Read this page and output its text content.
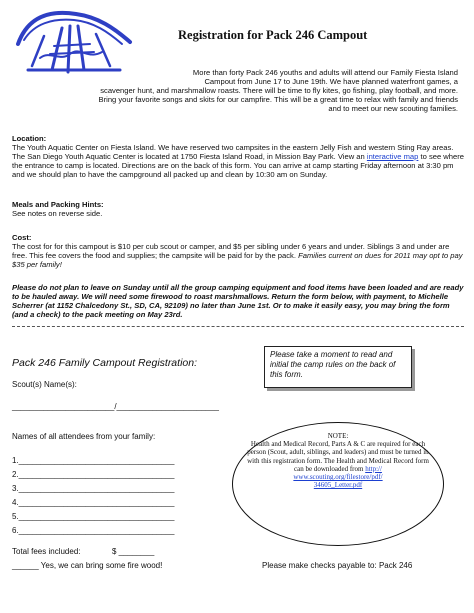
Registration for Pack 246 Campout
More than forty Pack 246 youths and adults will attend our Family Fiesta Island
Campout from June 17 to June 19th. We have planned waterfront games, a
scavenger hunt, and marshmallow roasts. There will be time to fly kites, go fishing, play football, and more.
Bring your favorite songs and skits for our campfire. This will be a great time to relax with family and friends
and to meet our new scouting families.
Location:
The Youth Aquatic Center on Fiesta Island. We have reserved two campsites in the eastern Jelly Fish and western Sting Ray areas. The San Diego Youth Aquatic Center is located at 1750 Fiesta Island Road, in Mission Bay Park. View an interactive map to see where the entrance to camp is located. Directions are on the back of this form. You can arrive at camp starting Friday afternoon at 3:30 pm and we should plan to have the campground all packed up and clean by 10:30 am on Sunday.
Meals and Packing Hints:
See notes on reverse side.
Cost:
The cost for for this campout is $10 per cub scout or camper, and $5 per sibling under 6 years and under. Siblings 3 and under are free. This fee covers the food and supplies; the campsite will be paid for by the pack. Families current on dues for 2011 may opt to pay $35 per family!
Please do not plan to leave on Sunday until all the group camping equipment and food items have been loaded and are ready to be hauled away. We will need some firewood to roast marshmallows. Return the form below, with payment, to Michelle Scherrer (at 1152 Chalcedony St., SD, CA, 92109) no later than June 1st. Or to make it easily easy, you may bring the form (and a check) to the pack meeting on May 23rd.
Pack 246 Family Campout Registration:
Please take a moment to read and initial the camp rules on the back of this form.
Scout(s) Name(s):
_______________________/_______________________
Names of all attendees from your family:
1.___________________________________
2.___________________________________
3.___________________________________
4.___________________________________
5.___________________________________
6.___________________________________
NOTE:
Health and Medical Record, Parts A & C are required for each person (Scout, adult, siblings, and leaders) and must be turned in with this registration form. The Health and Medical Record form can be downloaded from http://
www.scouting.org/filestore/pdf/
34605_Letter.pdf
Total fees included:	$ ________
______ Yes, we can bring some fire wood!	Please make checks payable to: Pack 246
